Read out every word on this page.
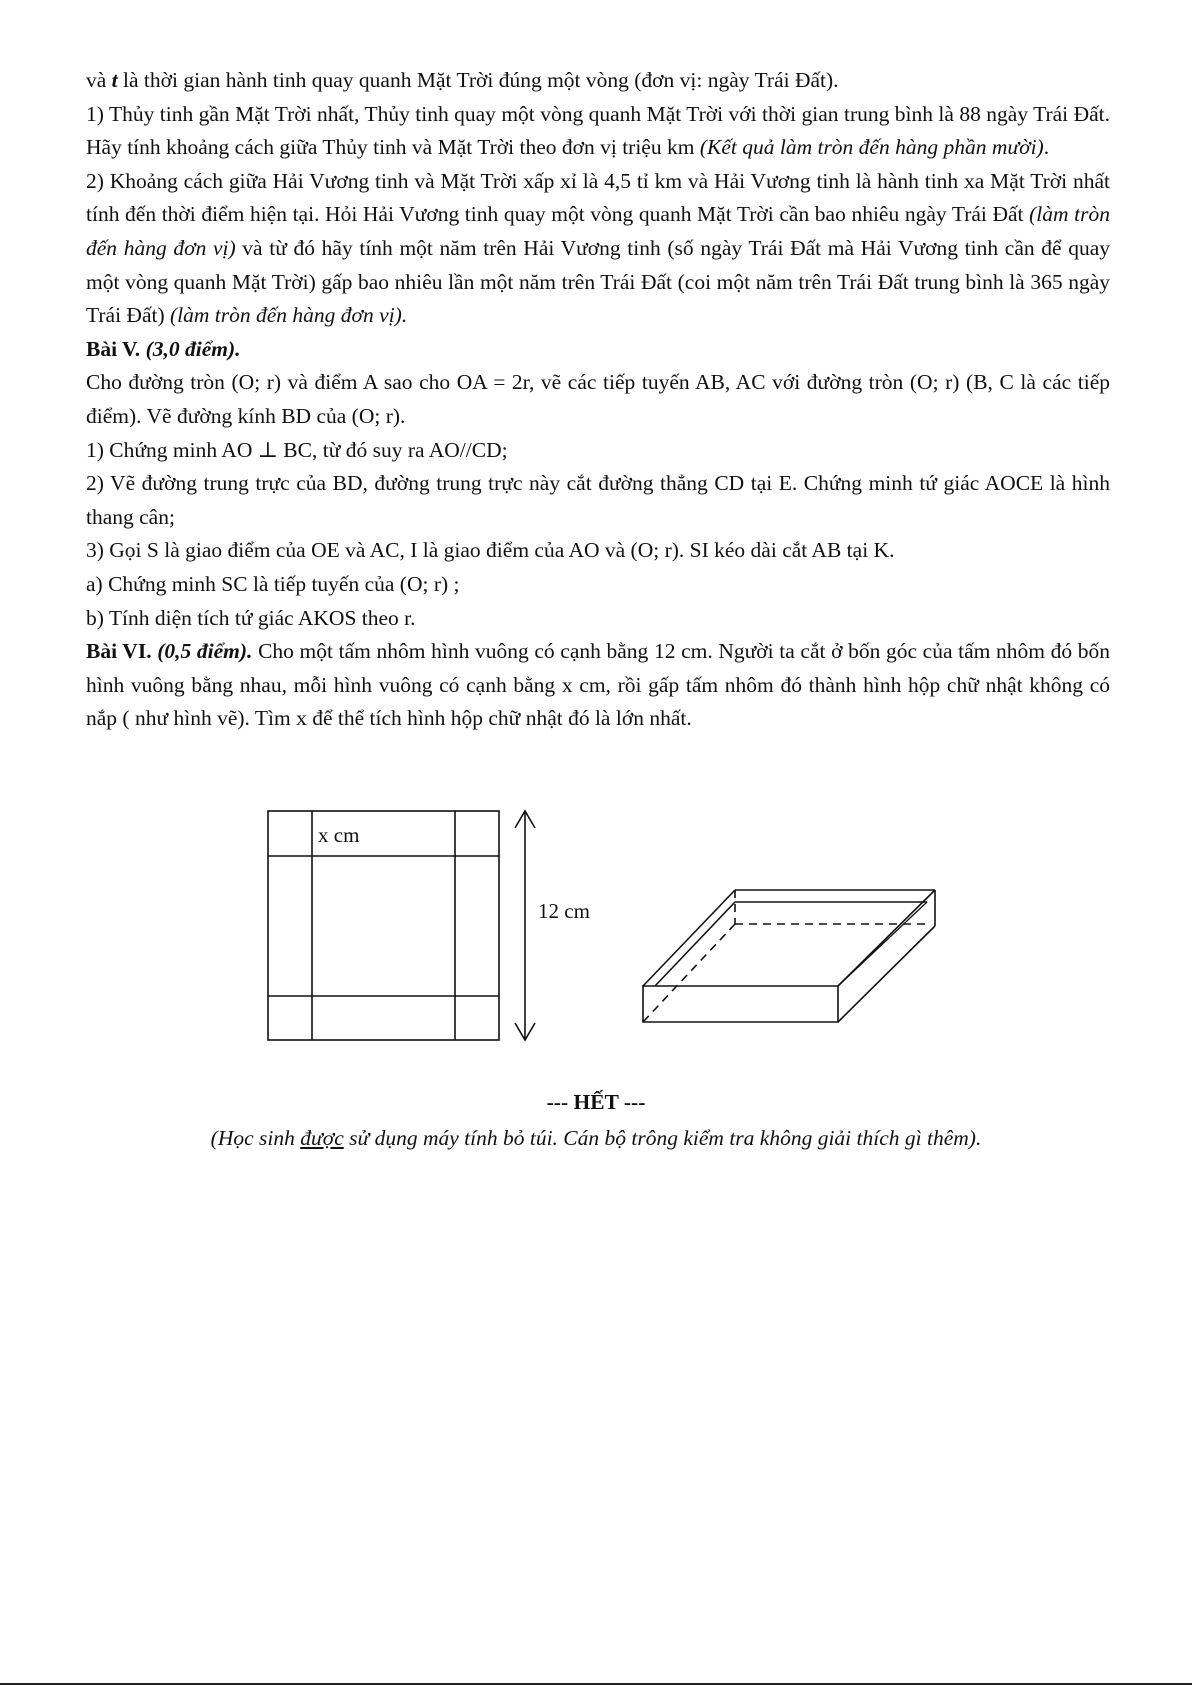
và t là thời gian hành tinh quay quanh Mặt Trời đúng một vòng (đơn vị: ngày Trái Đất).

1) Thủy tinh gần Mặt Trời nhất, Thủy tinh quay một vòng quanh Mặt Trời với thời gian trung bình là 88 ngày Trái Đất. Hãy tính khoảng cách giữa Thủy tinh và Mặt Trời theo đơn vị triệu km (Kết quả làm tròn đến hàng phần mười).

2) Khoảng cách giữa Hải Vương tinh và Mặt Trời xấp xỉ là 4,5 tỉ km và Hải Vương tinh là hành tinh xa Mặt Trời nhất tính đến thời điểm hiện tại. Hỏi Hải Vương tinh quay một vòng quanh Mặt Trời cần bao nhiêu ngày Trái Đất (làm tròn đến hàng đơn vị) và từ đó hãy tính một năm trên Hải Vương tinh (số ngày Trái Đất mà Hải Vương tinh cần để quay một vòng quanh Mặt Trời) gấp bao nhiêu lần một năm trên Trái Đất (coi một năm trên Trái Đất trung bình là 365 ngày Trái Đất) (làm tròn đến hàng đơn vị).

Bài V. (3,0 điểm).

Cho đường tròn (O; r) và điểm A sao cho OA = 2r, vẽ các tiếp tuyến AB, AC với đường tròn (O; r) (B, C là các tiếp điểm). Vẽ đường kính BD của (O; r).

1) Chứng minh AO ⊥ BC, từ đó suy ra AO//CD;

2) Vẽ đường trung trực của BD, đường trung trực này cắt đường thẳng CD tại E. Chứng minh tứ giác AOCE là hình thang cân;

3) Gọi S là giao điểm của OE và AC, I là giao điểm của AO và (O; r). SI kéo dài cắt AB tại K.

a) Chứng minh SC là tiếp tuyến của (O; r) ;

b) Tính diện tích tứ giác AKOS theo r.

Bài VI. (0,5 điểm). Cho một tấm nhôm hình vuông có cạnh bằng 12 cm. Người ta cắt ở bốn góc của tấm nhôm đó bốn hình vuông bằng nhau, mỗi hình vuông có cạnh bằng x cm, rồi gấp tấm nhôm đó thành hình hộp chữ nhật không có nắp ( như hình vẽ). Tìm x để thể tích hình hộp chữ nhật đó là lớn nhất.

x cm
12 cm
--- HẾT ---
(Học sinh được sử dụng máy tính bỏ túi. Cán bộ trông kiểm tra không giải thích gì thêm).
